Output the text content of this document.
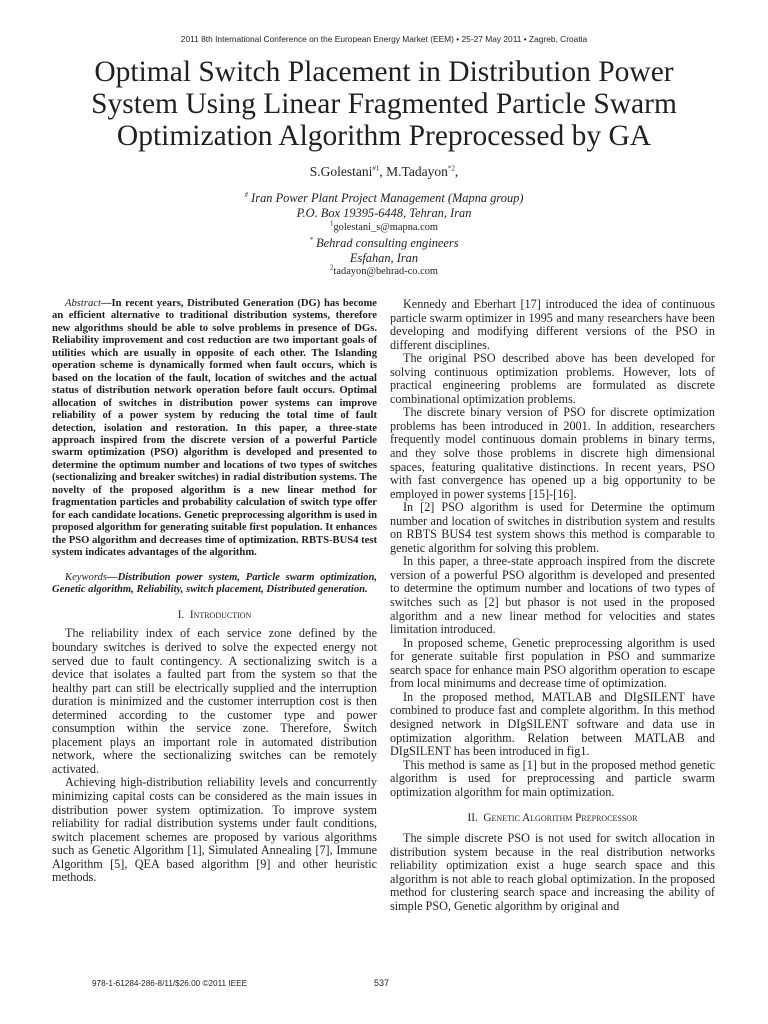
2011 8th International Conference on the European Energy Market (EEM) • 25-27 May 2011 • Zagreb, Croatia
Optimal Switch Placement in Distribution Power
System Using Linear Fragmented Particle Swarm
Optimization Algorithm Preprocessed by GA
S.Golestani$^{\#1}$, M.Tadayon$^{*2}$,
# Iran Power Plant Project Management (Mapna group)
P.O. Box 19395-6448, Tehran, Iran
$^1$golestani_s@mapna.com
* Behrad consulting engineers
Esfahan, Iran
$^2$tadayon@behrad-co.com

Abstract—In recent years, Distributed Generation (DG) has become an efficient alternative to traditional distribution systems, therefore new algorithms should be able to solve problems in presence of DGs. Reliability improvement and cost reduction are two important goals of utilities which are usually in opposite of each other. The Islanding operation scheme is dynamically formed when fault occurs, which is based on the location of the fault, location of switches and the actual status of distribution network operation before fault occurs. Optimal allocation of switches in distribution power systems can improve reliability of a power system by reducing the total time of fault detection, isolation and restoration. In this paper, a three-state approach inspired from the discrete version of a powerful Particle swarm optimization (PSO) algorithm is developed and presented to determine the optimum number and locations of two types of switches (sectionalizing and breaker switches) in radial distribution systems. The novelty of the proposed algorithm is a new linear method for fragmentation particles and probability calculation of switch type offer for each candidate locations. Genetic preprocessing algorithm is used in proposed algorithm for generating suitable first population. It enhances the PSO algorithm and decreases time of optimization. RBTS-BUS4 test system indicates advantages of the algorithm.

Keywords—Distribution power system, Particle swarm optimization, Genetic algorithm, Reliability, switch placement, Distributed generation.

I. Introduction

The reliability index of each service zone defined by the boundary switches is derived to solve the expected energy not served due to fault contingency. A sectionalizing switch is a device that isolates a faulted part from the system so that the healthy part can still be electrically supplied and the interruption duration is minimized and the customer interruption cost is then determined according to the customer type and power consumption within the service zone. Therefore, Switch placement plays an important role in automated distribution network, where the sectionalizing switches can be remotely activated.

Achieving high-distribution reliability levels and concurrently minimizing capital costs can be considered as the main issues in distribution power system optimization. To improve system reliability for radial distribution systems under fault conditions, switch placement schemes are proposed by various algorithms such as Genetic Algorithm [1], Simulated Annealing [7], Immune Algorithm [5], QEA based algorithm [9] and other heuristic methods.

Kennedy and Eberhart [17] introduced the idea of continuous particle swarm optimizer in 1995 and many researchers have been developing and modifying different versions of the PSO in different disciplines.

The original PSO described above has been developed for solving continuous optimization problems. However, lots of practical engineering problems are formulated as discrete combinational optimization problems.

The discrete binary version of PSO for discrete optimization problems has been introduced in 2001. In addition, researchers frequently model continuous domain problems in binary terms, and they solve those problems in discrete high dimensional spaces, featuring qualitative distinctions. In recent years, PSO with fast convergence has opened up a big opportunity to be employed in power systems [15]-[16].

In [2] PSO algorithm is used for Determine the optimum number and location of switches in distribution system and results on RBTS BUS4 test system shows this method is comparable to genetic algorithm for solving this problem.

In this paper, a three-state approach inspired from the discrete version of a powerful PSO algorithm is developed and presented to determine the optimum number and locations of two types of switches such as [2] but phasor is not used in the proposed algorithm and a new linear method for velocities and states limitation introduced.

In proposed scheme, Genetic preprocessing algorithm is used for generate suitable first population in PSO and summarize search space for enhance main PSO algorithm operation to escape from local minimums and decrease time of optimization.

In the proposed method, MATLAB and DIgSILENT have combined to produce fast and complete algorithm. In this method designed network in DIgSILENT software and data use in optimization algorithm. Relation between MATLAB and DIgSILENT has been introduced in fig1.

This method is same as [1] but in the proposed method genetic algorithm is used for preprocessing and particle swarm optimization algorithm for main optimization.

II. Genetic Algorithm Preprocessor

The simple discrete PSO is not used for switch allocation in distribution system because in the real distribution networks reliability optimization exist a huge search space and this algorithm is not able to reach global optimization. In the proposed method for clustering search space and increasing the ability of simple PSO, Genetic algorithm by original and

978-1-61284-286-8/11/$26.00 ©2011 IEEE	537
